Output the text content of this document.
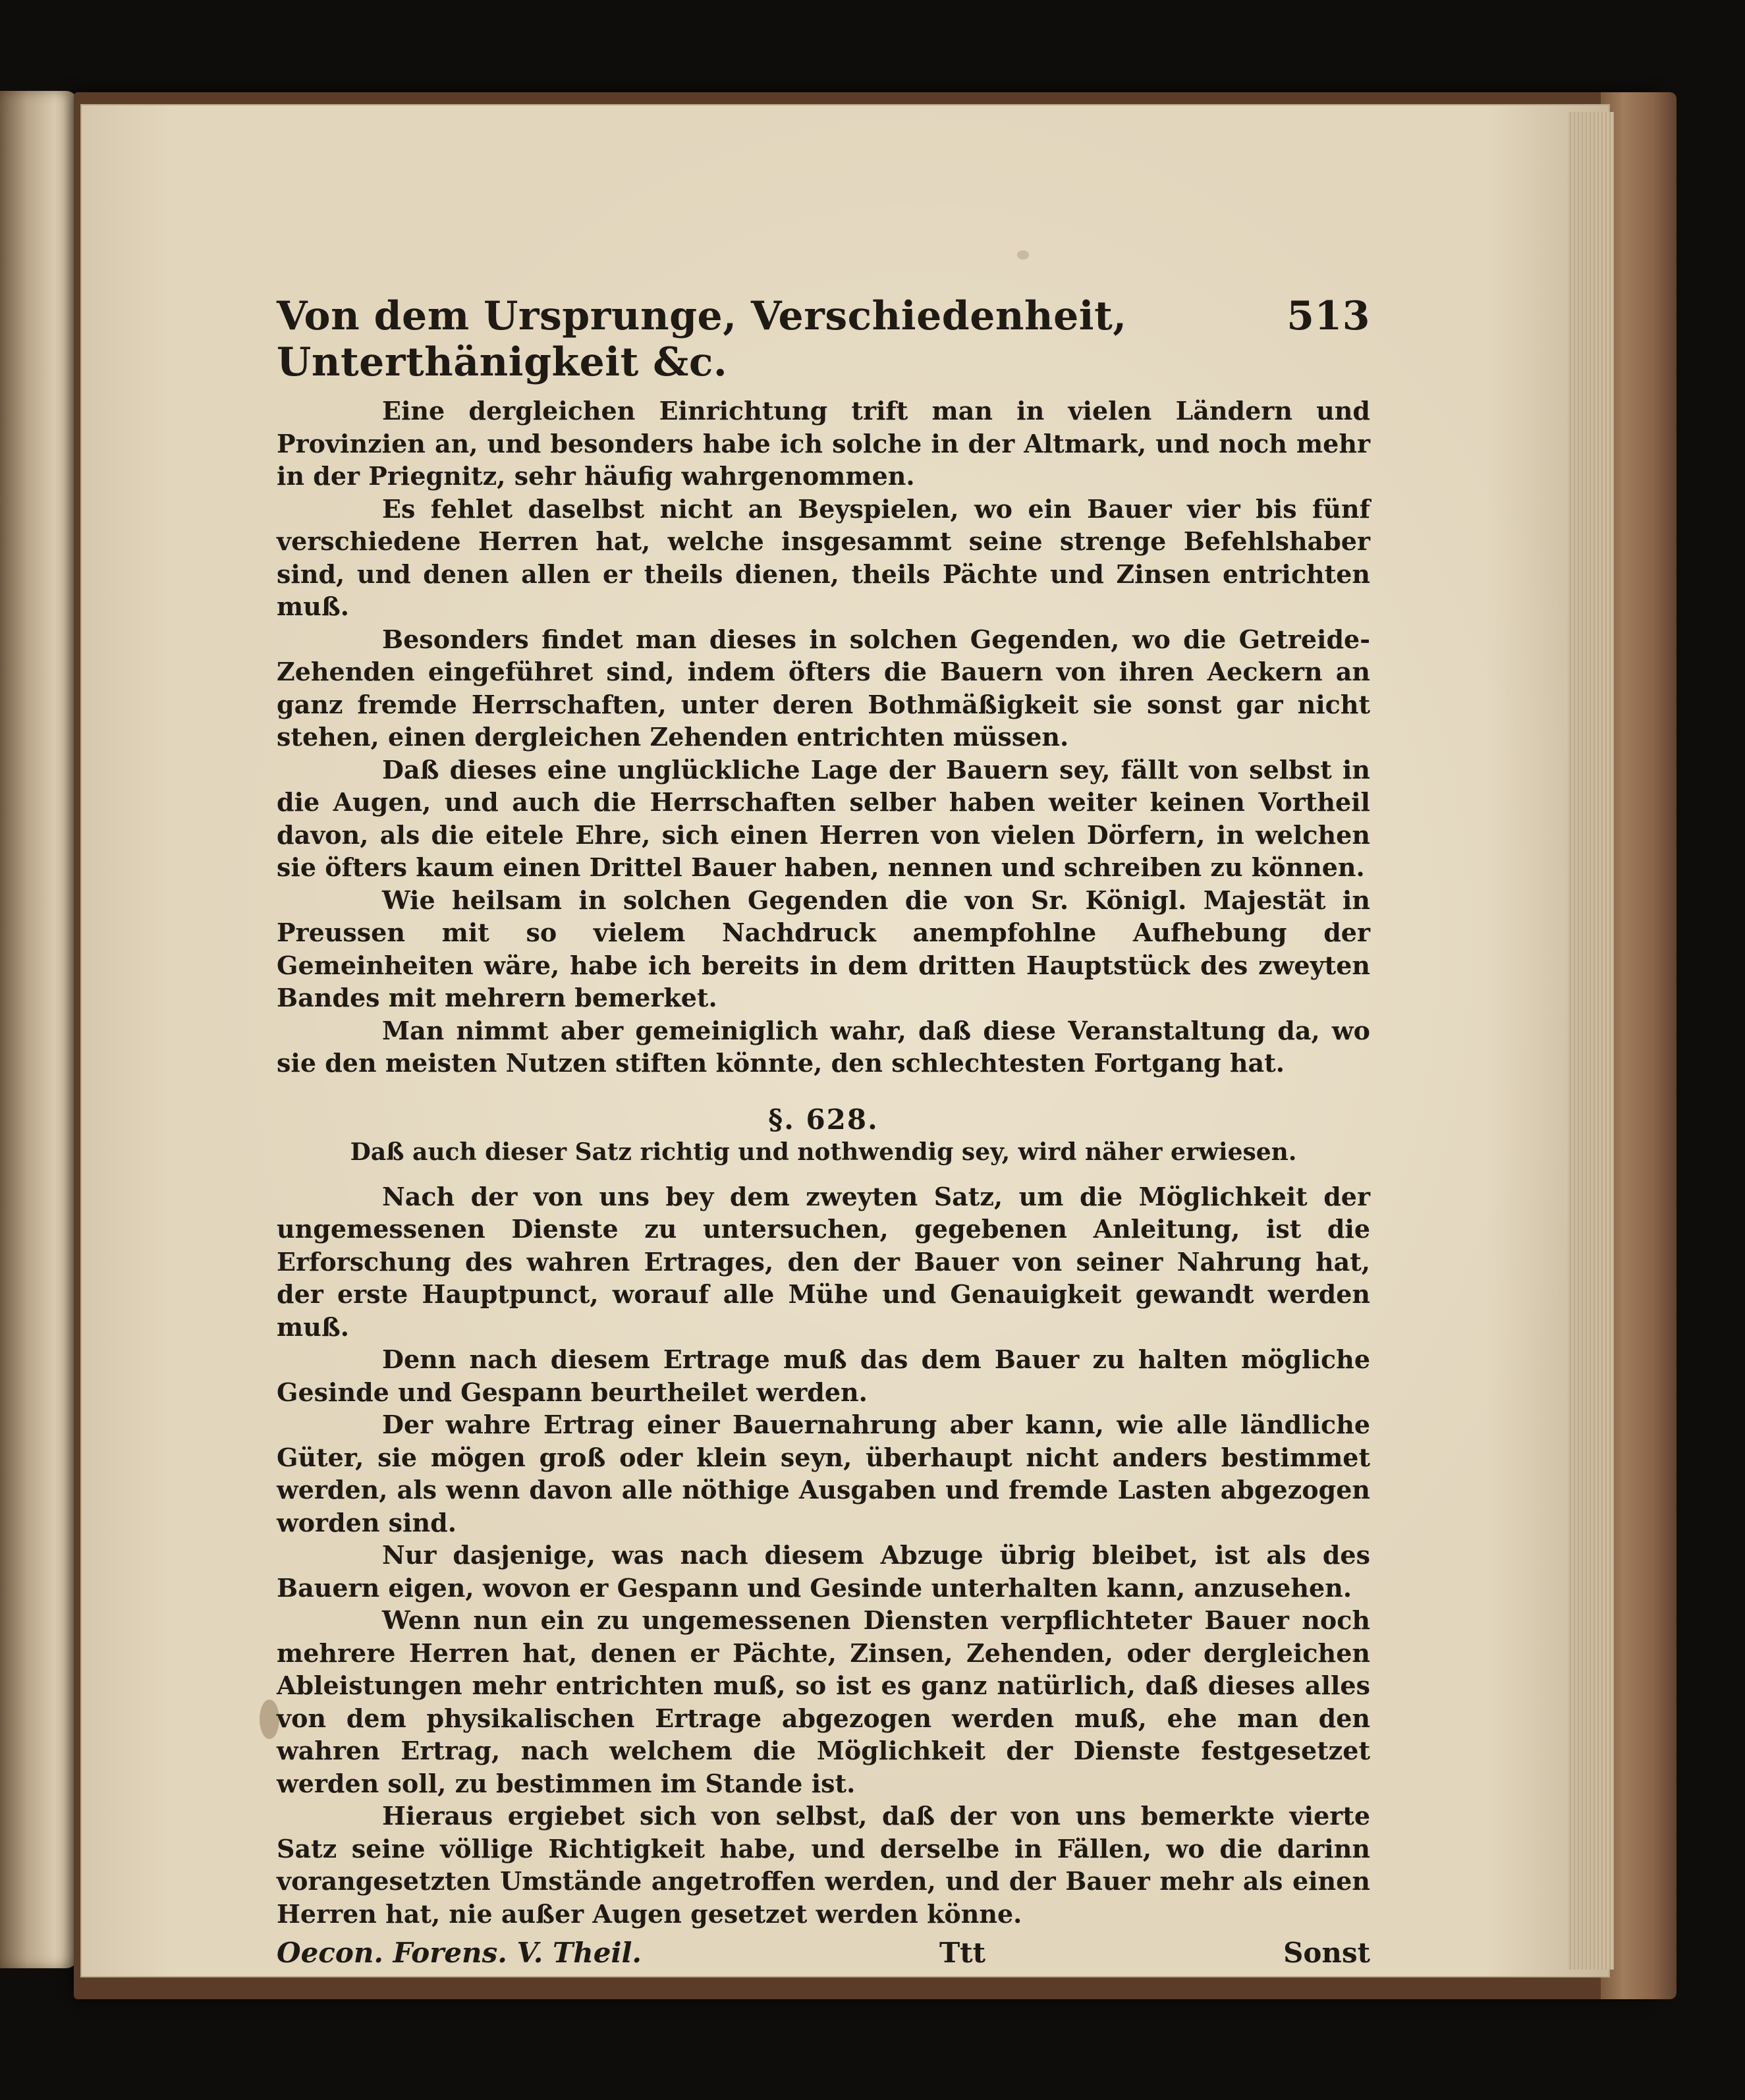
Von dem Ursprunge, Verschiedenheit, Unterthänigkeit &c.
513

Eine dergleichen Einrichtung trift man in vielen Ländern und Provinzien an, und besonders habe ich solche in der Altmark, und noch mehr in der Priegnitz, sehr häufig wahrgenommen.

Es fehlet daselbst nicht an Beyspielen, wo ein Bauer vier bis fünf verschiedene Herren hat, welche insgesammt seine strenge Befehlshaber sind, und denen allen er theils dienen, theils Pächte und Zinsen entrichten muß.

Besonders findet man dieses in solchen Gegenden, wo die Getreide-Zehenden eingeführet sind, indem öfters die Bauern von ihren Aeckern an ganz fremde Herrschaften, unter deren Bothmäßigkeit sie sonst gar nicht stehen, einen dergleichen Zehenden entrichten müssen.

Daß dieses eine unglückliche Lage der Bauern sey, fällt von selbst in die Augen, und auch die Herrschaften selber haben weiter keinen Vortheil davon, als die eitele Ehre, sich einen Herren von vielen Dörfern, in welchen sie öfters kaum einen Drittel Bauer haben, nennen und schreiben zu können.

Wie heilsam in solchen Gegenden die von Sr. Königl. Majestät in Preussen mit so vielem Nachdruck anempfohlne Aufhebung der Gemeinheiten wäre, habe ich bereits in dem dritten Hauptstück des zweyten Bandes mit mehrern bemerket.

Man nimmt aber gemeiniglich wahr, daß diese Veranstaltung da, wo sie den meisten Nutzen stiften könnte, den schlechtesten Fortgang hat.

§. 628.
Daß auch dieser Satz richtig und nothwendig sey, wird näher erwiesen.

Nach der von uns bey dem zweyten Satz, um die Möglichkeit der ungemessenen Dienste zu untersuchen, gegebenen Anleitung, ist die Erforschung des wahren Ertrages, den der Bauer von seiner Nahrung hat, der erste Hauptpunct, worauf alle Mühe und Genauigkeit gewandt werden muß.

Denn nach diesem Ertrage muß das dem Bauer zu halten mögliche Gesinde und Gespann beurtheilet werden.

Der wahre Ertrag einer Bauernahrung aber kann, wie alle ländliche Güter, sie mögen groß oder klein seyn, überhaupt nicht anders bestimmet werden, als wenn davon alle nöthige Ausgaben und fremde Lasten abgezogen worden sind.

Nur dasjenige, was nach diesem Abzuge übrig bleibet, ist als des Bauern eigen, wovon er Gespann und Gesinde unterhalten kann, anzusehen.

Wenn nun ein zu ungemessenen Diensten verpflichteter Bauer noch mehrere Herren hat, denen er Pächte, Zinsen, Zehenden, oder dergleichen Ableistungen mehr entrichten muß, so ist es ganz natürlich, daß dieses alles von dem physikalischen Ertrage abgezogen werden muß, ehe man den wahren Ertrag, nach welchem die Möglichkeit der Dienste festgesetzet werden soll, zu bestimmen im Stande ist.

Hieraus ergiebet sich von selbst, daß der von uns bemerkte vierte Satz seine völlige Richtigkeit habe, und derselbe in Fällen, wo die darinn vorangesetzten Umstände angetroffen werden, und der Bauer mehr als einen Herren hat, nie außer Augen gesetzet werden könne.

Oecon. Forens. V. Theil.	Ttt	Sonst
